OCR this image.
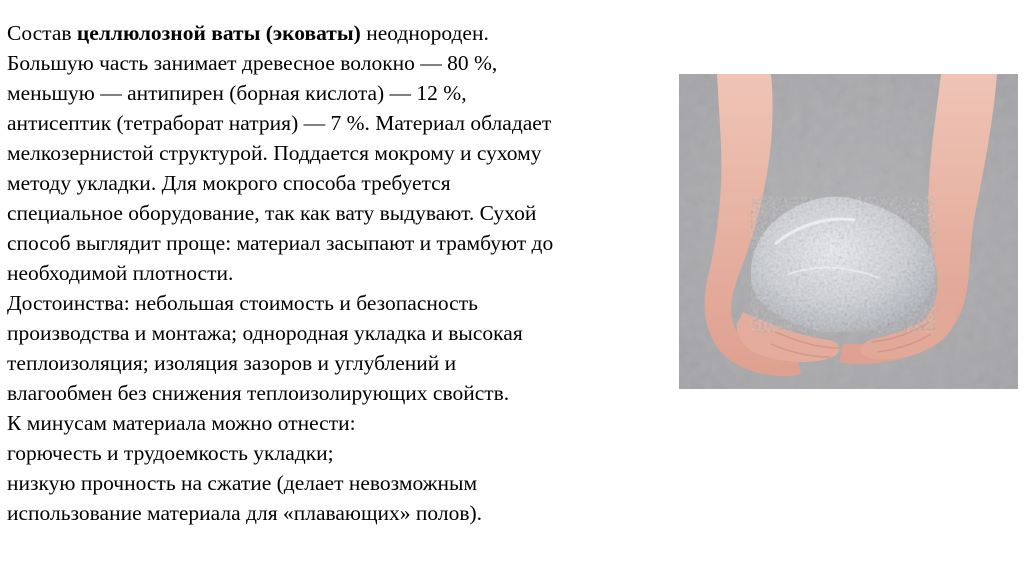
Состав целлюлозной ваты (эковаты) неоднороден.
Большую часть занимает древесное волокно — 80 %,
меньшую — антипирен (борная кислота) — 12 %,
антисептик (тетраборат натрия) — 7 %. Материал обладает
мелкозернистой структурой. Поддается мокрому и сухому
методу укладки. Для мокрого способа требуется
специальное оборудование, так как вату выдувают. Сухой
способ выглядит проще: материал засыпают и трамбуют до
необходимой плотности.
Достоинства: небольшая стоимость и безопасность
производства и монтажа; однородная укладка и высокая
теплоизоляция; изоляция зазоров и углублений и
влагообмен без снижения теплоизолирующих свойств.
К минусам материала можно отнести:
горючесть и трудоемкость укладки;
низкую прочность на сжатие (делает невозможным
использование материала для «плавающих» полов).
